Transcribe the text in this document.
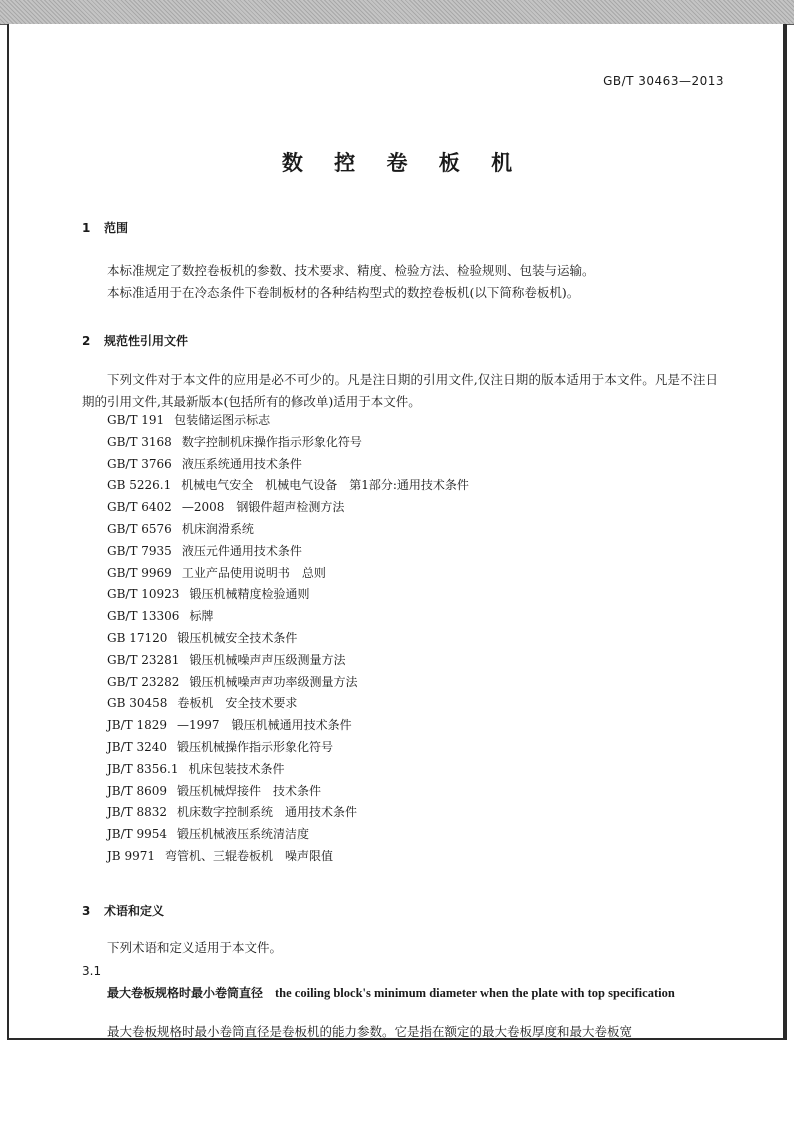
GB/T 30463—2013
数 控 卷 板 机
1 范围

本标准规定了数控卷板机的参数、技术要求、精度、检验方法、检验规则、包装与运输。

本标准适用于在冷态条件下卷制板材的各种结构型式的数控卷板机(以下简称卷板机)。

2 规范性引用文件

下列文件对于本文件的应用是必不可少的。凡是注日期的引用文件,仅注日期的版本适用于本文件。凡是不注日期的引用文件,其最新版本(包括所有的修改单)适用于本文件。

GB/T 191 包装储运图示标志
GB/T 3168 数字控制机床操作指示形象化符号
GB/T 3766 液压系统通用技术条件
GB 5226.1 机械电气安全　机械电气设备　第1部分:通用技术条件
GB/T 6402 —2008　钢锻件超声检测方法
GB/T 6576 机床润滑系统
GB/T 7935 液压元件通用技术条件
GB/T 9969 工业产品使用说明书　总则
GB/T 10923 锻压机械精度检验通则
GB/T 13306 标牌
GB 17120 锻压机械安全技术条件
GB/T 23281 锻压机械噪声声压级测量方法
GB/T 23282 锻压机械噪声声功率级测量方法
GB 30458 卷板机　安全技术要求
JB/T 1829 —1997　锻压机械通用技术条件
JB/T 3240 锻压机械操作指示形象化符号
JB/T 8356.1 机床包装技术条件
JB/T 8609 锻压机械焊接件　技术条件
JB/T 8832 机床数字控制系统　通用技术条件
JB/T 9954 锻压机械液压系统清洁度
JB 9971 弯管机、三辊卷板机　噪声限值
3 术语和定义

下列术语和定义适用于本文件。

3.1
最大卷板规格时最小卷筒直径 the coiling block's minimum diameter when the plate with top specification
最大卷板规格时最小卷筒直径是卷板机的能力参数。它是指在额定的最大卷板厚度和最大卷板宽
